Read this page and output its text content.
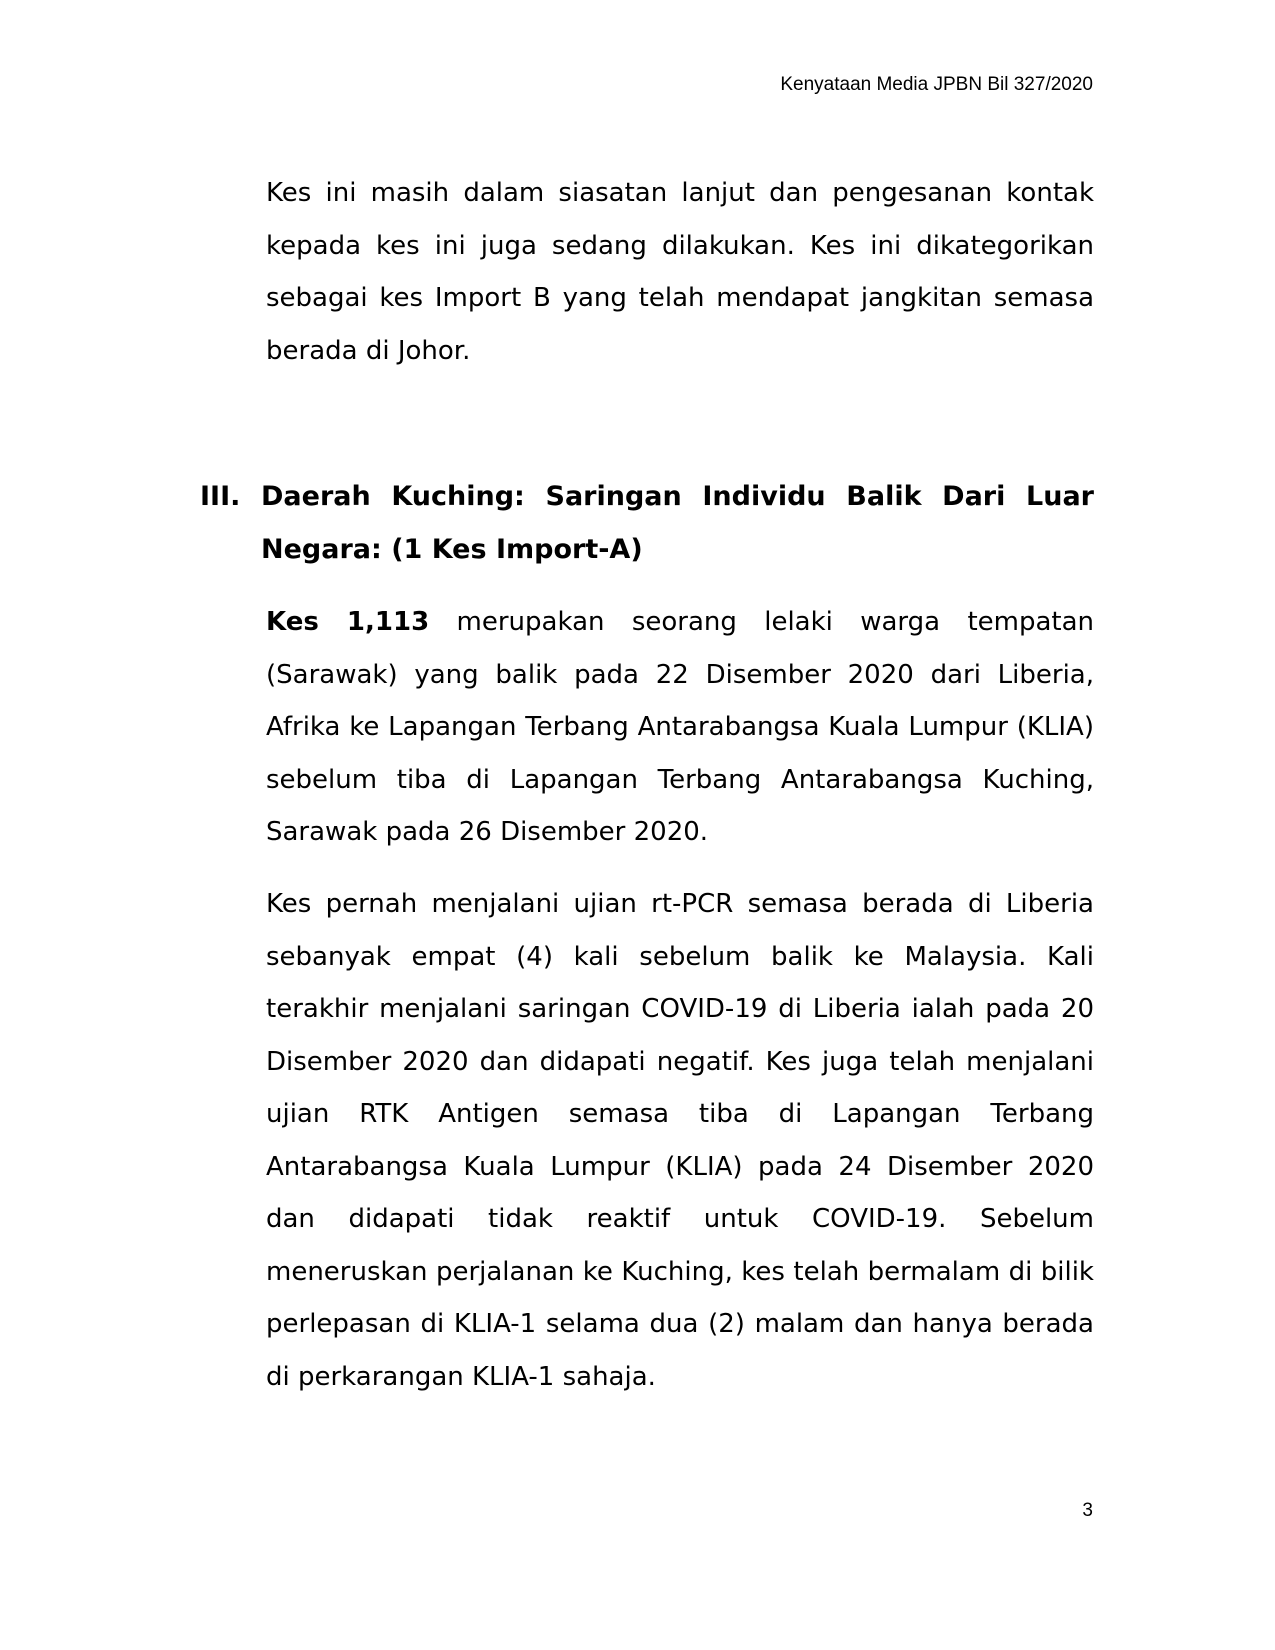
Kenyataan Media JPBN Bil 327/2020

Kes ini masih dalam siasatan lanjut dan pengesanan kontak kepada kes ini juga sedang dilakukan. Kes ini dikategorikan sebagai kes Import B yang telah mendapat jangkitan semasa berada di Johor.

III. Daerah Kuching: Saringan Individu Balik Dari Luar Negara: (1 Kes Import-A)

Kes 1,113 merupakan seorang lelaki warga tempatan (Sarawak) yang balik pada 22 Disember 2020 dari Liberia, Afrika ke Lapangan Terbang Antarabangsa Kuala Lumpur (KLIA) sebelum tiba di Lapangan Terbang Antarabangsa Kuching, Sarawak pada 26 Disember 2020.

Kes pernah menjalani ujian rt-PCR semasa berada di Liberia sebanyak empat (4) kali sebelum balik ke Malaysia. Kali terakhir menjalani saringan COVID-19 di Liberia ialah pada 20 Disember 2020 dan didapati negatif. Kes juga telah menjalani ujian RTK Antigen semasa tiba di Lapangan Terbang Antarabangsa Kuala Lumpur (KLIA) pada 24 Disember 2020 dan didapati tidak reaktif untuk COVID-19. Sebelum meneruskan perjalanan ke Kuching, kes telah bermalam di bilik perlepasan di KLIA-1 selama dua (2) malam dan hanya berada di perkarangan KLIA-1 sahaja.

3
